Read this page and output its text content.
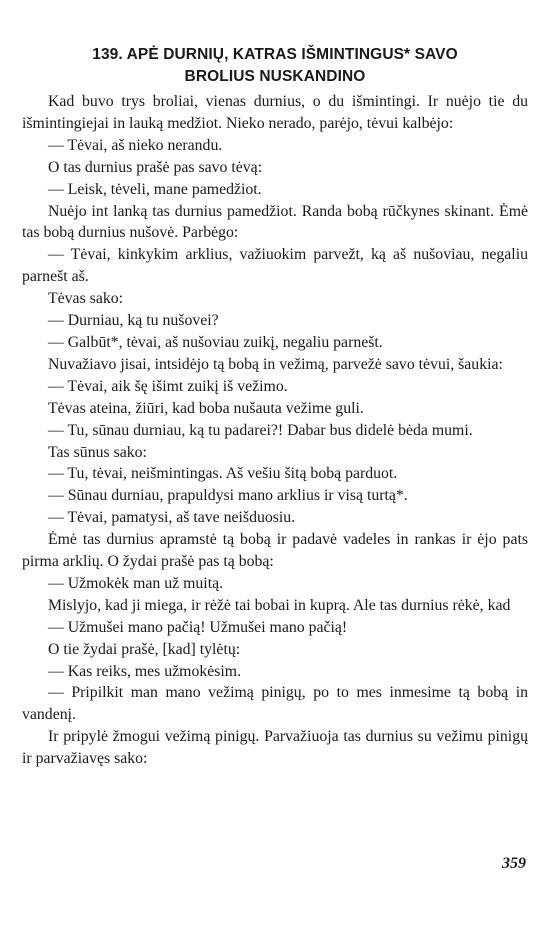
139. APĖ DURNIŲ, KATRAS IŠMINTINGUS* SAVO
BROLIUS NUSKANDINO

Kad buvo trys broliai, vienas durnius, o du išmintingi. Ir nuėjo tie du išmintingiejai in lauką medžiot. Nieko nerado, parėjo, tėvui kalbėjo:

— Tėvai, aš nieko nerandu.

O tas durnius prašė pas savo tėvą:

— Leisk, tėveli, mane pamedžiot.

Nuėjo int lanką tas durnius pamedžiot. Randa bobą rūčkynes skinant. Ėmė tas bobą durnius nušovė. Parbėgo:

— Tėvai, kinkykim arklius, važiuokim parvežt, ką aš nušoviau, negaliu parnešt aš.

Tėvas sako:

— Durniau, ką tu nušovei?

— Galbūt*, tėvai, aš nušoviau zuikį, negaliu parnešt.

Nuvažiavo jisai, intsidėjo tą bobą in vežimą, parvežė savo tėvui, šaukia:

— Tėvai, aik šę išimt zuikį iš vežimo.

Tėvas ateina, žiūri, kad boba nušauta vežime guli.

— Tu, sūnau durniau, ką tu padarei?! Dabar bus didelė bėda mumi.

Tas sūnus sako:

— Tu, tėvai, neišmintingas. Aš vešiu šitą bobą parduot.

— Sūnau durniau, prapuldysi mano arklius ir visą turtą*.

— Tėvai, pamatysi, aš tave neišduosiu.

Ėmė tas durnius apramstė tą bobą ir padavė vadeles in rankas ir ėjo pats pirma arklių. O žydai prašė pas tą bobą:

— Užmokėk man už muitą.

Mislyjo, kad ji miega, ir rėžė tai bobai in kuprą. Ale tas durnius rėkė, kad

— Užmušei mano pačią! Užmušei mano pačią!

O tie žydai prašė, [kad] tylėtų:

— Kas reiks, mes užmokėsim.

— Pripilkit man mano vežimą pinigų, po to mes inmesime tą bobą in vandenį.

Ir pripylė žmogui vežimą pinigų. Parvažiuoja tas durnius su vežimu pinigų ir parvažiavęs sako:

359
